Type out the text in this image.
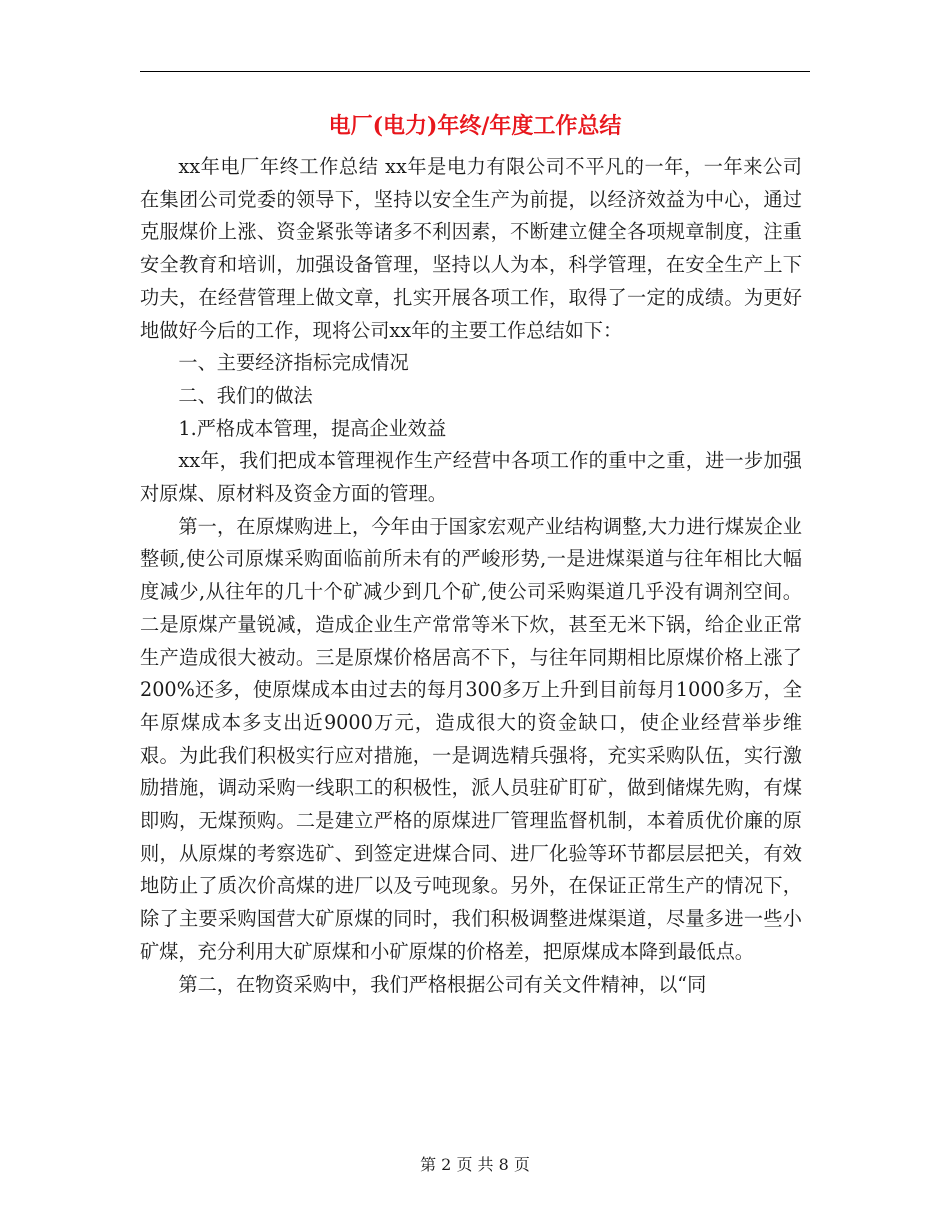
电厂(电力)年终/年度工作总结

xx年电厂年终工作总结 xx年是电力有限公司不平凡的一年，一年来公司在集团公司党委的领导下，坚持以安全生产为前提，以经济效益为中心，通过克服煤价上涨、资金紧张等诸多不利因素，不断建立健全各项规章制度，注重安全教育和培训，加强设备管理，坚持以人为本，科学管理，在安全生产上下功夫，在经营管理上做文章，扎实开展各项工作，取得了一定的成绩。为更好地做好今后的工作，现将公司xx年的主要工作总结如下：

一、主要经济指标完成情况

二、我们的做法

1.严格成本管理，提高企业效益

xx年，我们把成本管理视作生产经营中各项工作的重中之重，进一步加强对原煤、原材料及资金方面的管理。

第一，在原煤购进上，今年由于国家宏观产业结构调整,大力进行煤炭企业整顿,使公司原煤采购面临前所未有的严峻形势,一是进煤渠道与往年相比大幅度减少,从往年的几十个矿减少到几个矿,使公司采购渠道几乎没有调剂空间。二是原煤产量锐减，造成企业生产常常等米下炊，甚至无米下锅，给企业正常生产造成很大被动。三是原煤价格居高不下，与往年同期相比原煤价格上涨了200%还多，使原煤成本由过去的每月300多万上升到目前每月1000多万，全年原煤成本多支出近9000万元，造成很大的资金缺口，使企业经营举步维艰。为此我们积极实行应对措施，一是调选精兵强将，充实采购队伍，实行激励措施，调动采购一线职工的积极性，派人员驻矿盯矿，做到储煤先购，有煤即购，无煤预购。二是建立严格的原煤进厂管理监督机制，本着质优价廉的原则，从原煤的考察选矿、到签定进煤合同、进厂化验等环节都层层把关，有效地防止了质次价高煤的进厂以及亏吨现象。另外，在保证正常生产的情况下，除了主要采购国营大矿原煤的同时，我们积极调整进煤渠道，尽量多进一些小矿煤，充分利用大矿原煤和小矿原煤的价格差，把原煤成本降到最低点。

第二，在物资采购中，我们严格根据公司有关文件精神，以“同

第 2 页 共 8 页
